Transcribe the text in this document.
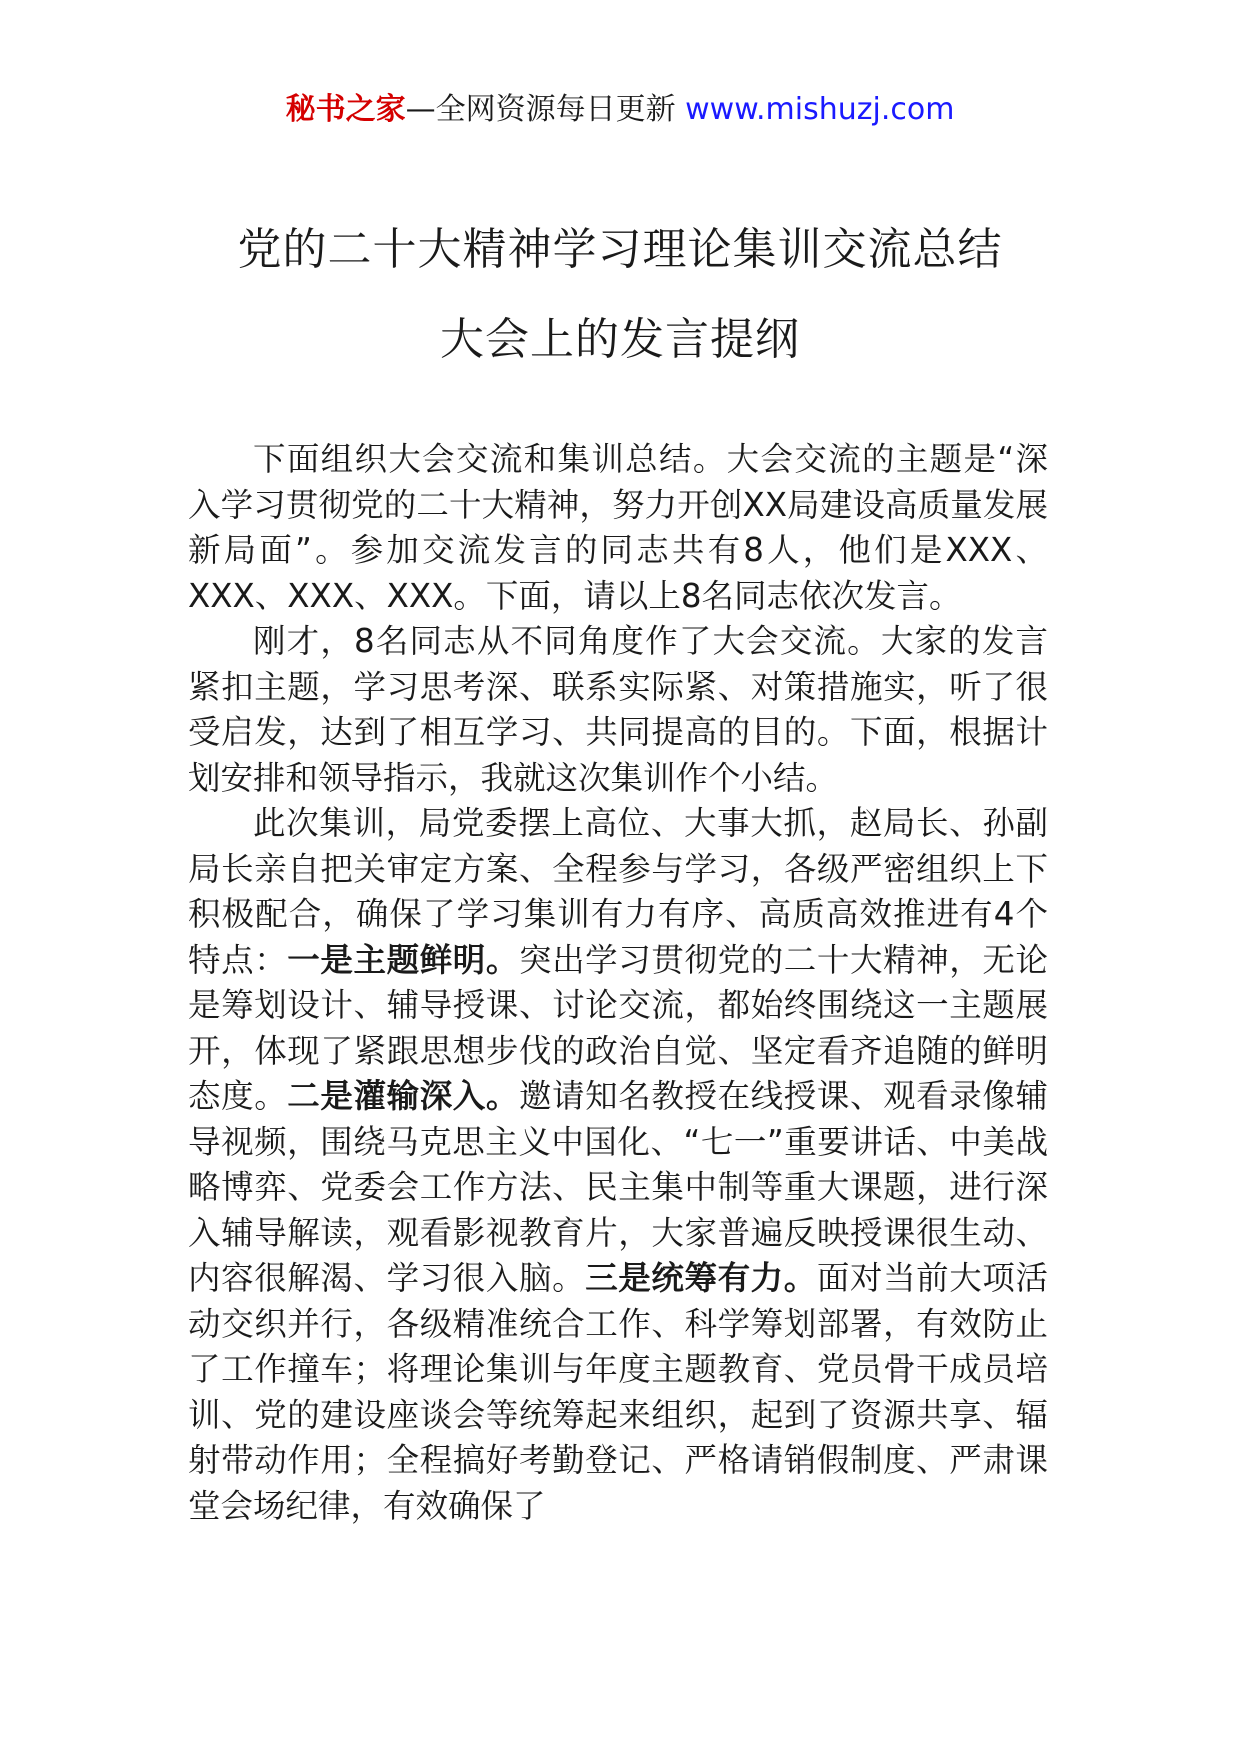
秘书之家—全网资源每日更新 www.mishuzj.com
党的二十大精神学习理论集训交流总结
大会上的发言提纲

下面组织大会交流和集训总结。大会交流的主题是“深入学习贯彻党的二十大精神，努力开创XX局建设高质量发展新局面”。参加交流发言的同志共有8人，他们是XXX、XXX、XXX、XXX。下面，请以上8名同志依次发言。

刚才，8名同志从不同角度作了大会交流。大家的发言紧扣主题，学习思考深、联系实际紧、对策措施实，听了很受启发，达到了相互学习、共同提高的目的。下面，根据计划安排和领导指示，我就这次集训作个小结。

此次集训，局党委摆上高位、大事大抓，赵局长、孙副局长亲自把关审定方案、全程参与学习，各级严密组织上下积极配合，确保了学习集训有力有序、高质高效推进有4个特点：一是主题鲜明。突出学习贯彻党的二十大精神，无论是筹划设计、辅导授课、讨论交流，都始终围绕这一主题展开，体现了紧跟思想步伐的政治自觉、坚定看齐追随的鲜明态度。二是灌输深入。邀请知名教授在线授课、观看录像辅导视频，围绕马克思主义中国化、“七一”重要讲话、中美战略博弈、党委会工作方法、民主集中制等重大课题，进行深入辅导解读，观看影视教育片，大家普遍反映授课很生动、内容很解渴、学习很入脑。三是统筹有力。面对当前大项活动交织并行，各级精准统合工作、科学筹划部署，有效防止了工作撞车；将理论集训与年度主题教育、党员骨干成员培训、党的建设座谈会等统筹起来组织，起到了资源共享、辐射带动作用；全程搞好考勤登记、严格请销假制度、严肃课堂会场纪律，有效确保了
